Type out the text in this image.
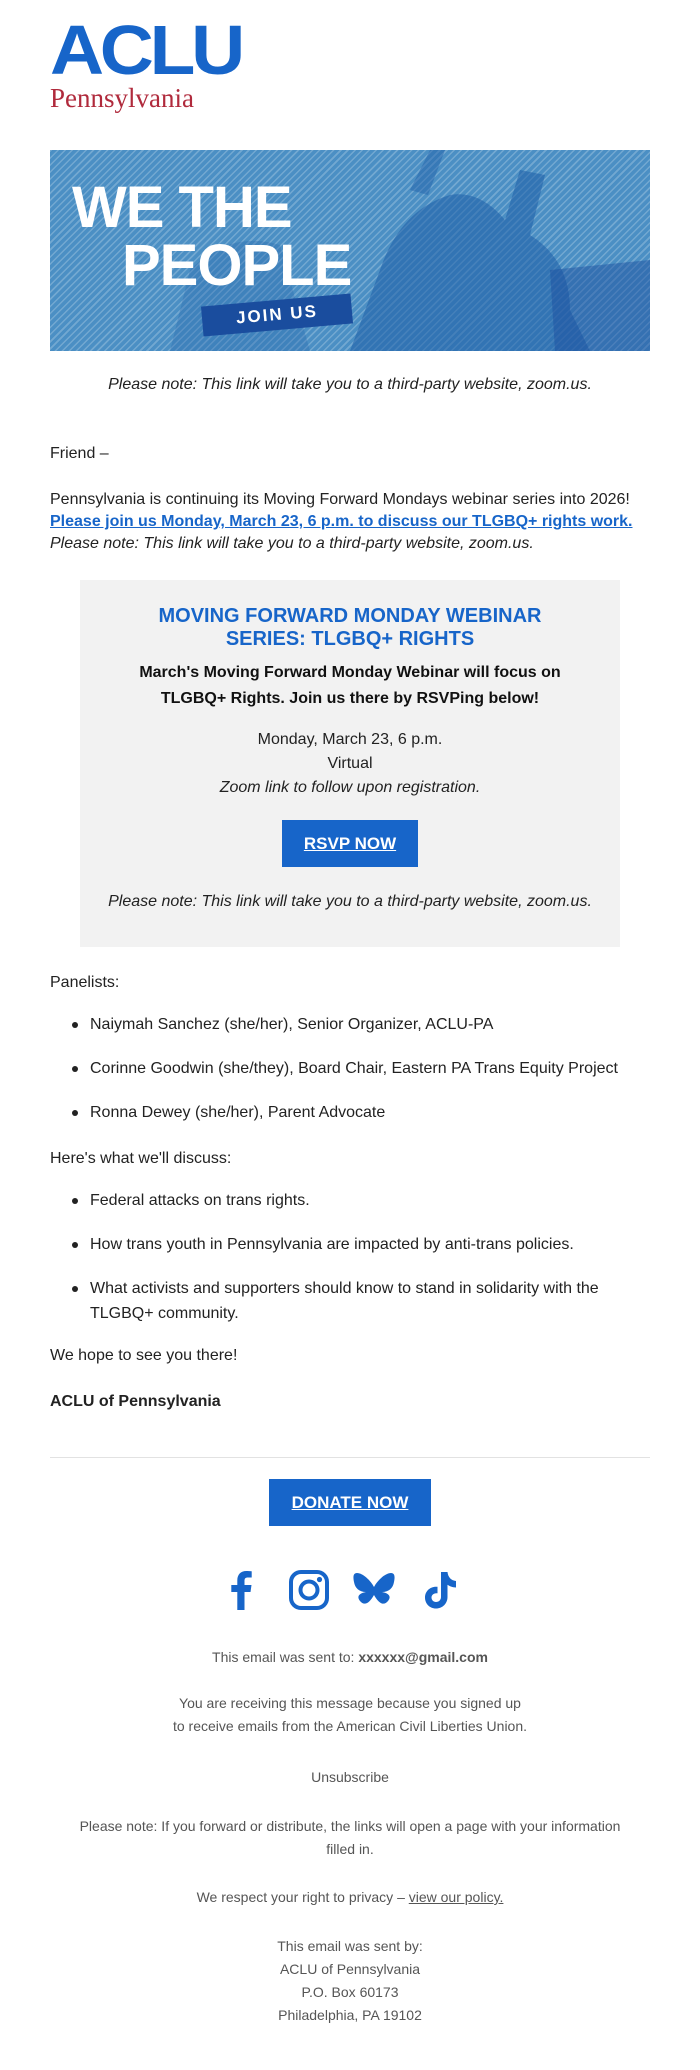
ACLU
Pennsylvania
WE THE
PEOPLE
JOIN US
Please note: This link will take you to a third-party website, zoom.us.
Friend –
Pennsylvania is continuing its Moving Forward Mondays webinar series into 2026! Please join us Monday, March 23, 6 p.m. to discuss our TLGBQ+ rights work. Please note: This link will take you to a third-party website, zoom.us.
MOVING FORWARD MONDAY WEBINAR SERIES: TLGBQ+ RIGHTS
March's Moving Forward Monday Webinar will focus on TLGBQ+ Rights. Join us there by RSVPing below!
Monday, March 23, 6 p.m.
Virtual
Zoom link to follow upon registration.
RSVP NOW
Please note: This link will take you to a third-party website, zoom.us.
Panelists:
Naiymah Sanchez (she/her), Senior Organizer, ACLU-PA
Corinne Goodwin (she/they), Board Chair, Eastern PA Trans Equity Project
Ronna Dewey (she/her), Parent Advocate
Here's what we'll discuss:
Federal attacks on trans rights.
How trans youth in Pennsylvania are impacted by anti-trans policies.
What activists and supporters should know to stand in solidarity with the TLGBQ+ community.
We hope to see you there!
ACLU of Pennsylvania
DONATE NOW
This email was sent to: xxxxxx@gmail.com
You are receiving this message because you signed up
to receive emails from the American Civil Liberties Union.
Unsubscribe
Please note: If you forward or distribute, the links will open a page with your information filled in.
We respect your right to privacy – view our policy.
This email was sent by:
ACLU of Pennsylvania
P.O. Box 60173
Philadelphia, PA 19102
